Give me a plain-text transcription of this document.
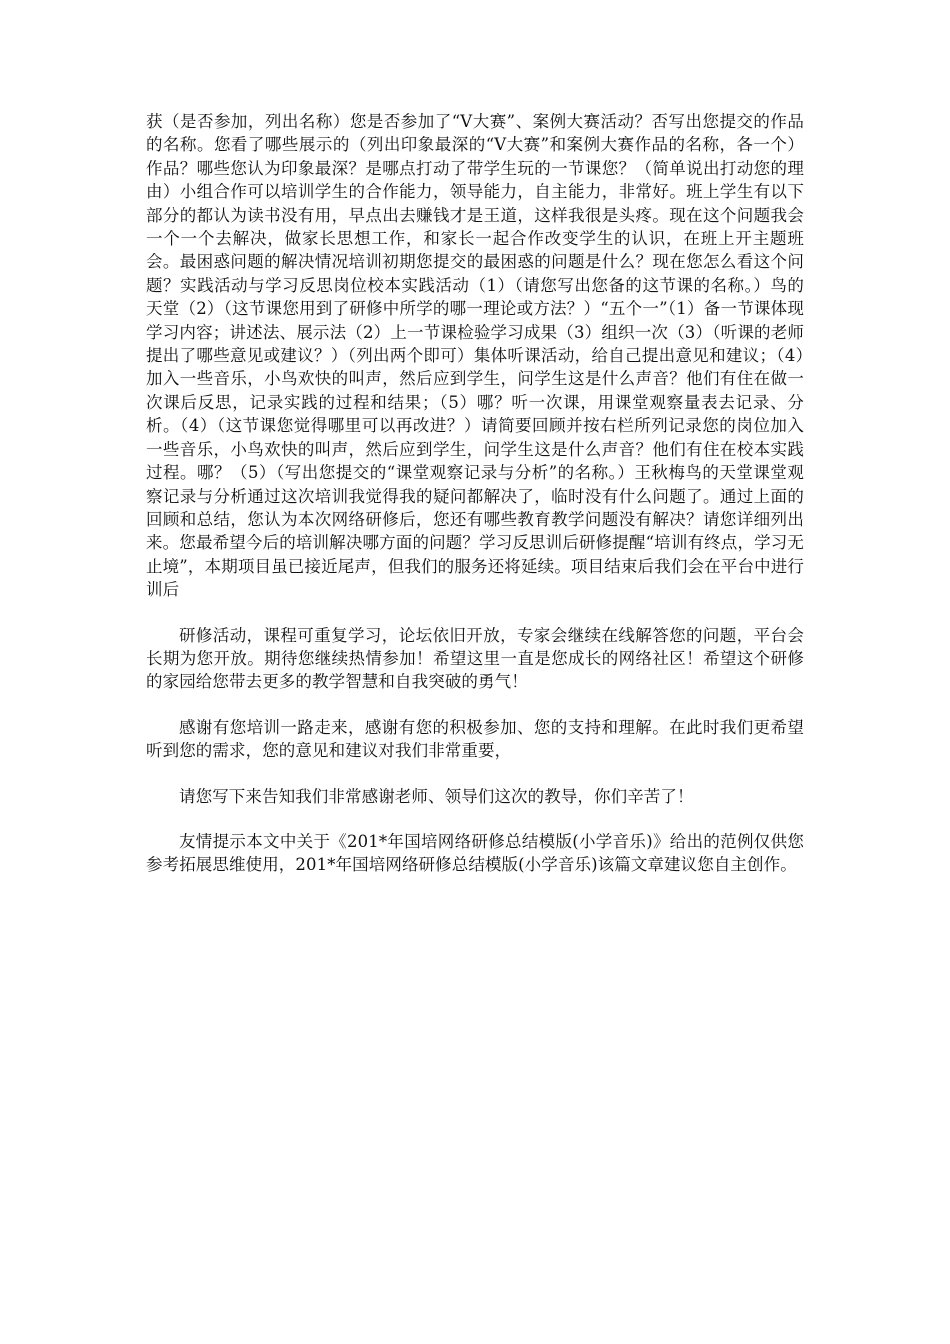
获（是否参加，列出名称）您是否参加了“V大赛”、案例大赛活动？否写出您提交的作品的名称。您看了哪些展示的（列出印象最深的“V大赛”和案例大赛作品的名称，各一个）作品？哪些您认为印象最深？是哪点打动了带学生玩的一节课您？（简单说出打动您的理由）小组合作可以培训学生的合作能力，领导能力，自主能力，非常好。班上学生有以下部分的都认为读书没有用，早点出去赚钱才是王道，这样我很是头疼。现在这个问题我会一个一个去解决，做家长思想工作，和家长一起合作改变学生的认识，在班上开主题班会。最困惑问题的解决情况培训初期您提交的最困惑的问题是什么？现在您怎么看这个问题？实践活动与学习反思岗位校本实践活动（1）（请您写出您备的这节课的名称。）鸟的天堂（2）（这节课您用到了研修中所学的哪一理论或方法？）“五个一”（1）备一节课体现学习内容；讲述法、展示法（2）上一节课检验学习成果（3）组织一次（3）（听课的老师提出了哪些意见或建议？）（列出两个即可）集体听课活动，给自己提出意见和建议；（4）加入一些音乐，小鸟欢快的叫声，然后应到学生，问学生这是什么声音？他们有住在做一次课后反思，记录实践的过程和结果；（5）哪？听一次课，用课堂观察量表去记录、分析。（4）（这节课您觉得哪里可以再改进？）请简要回顾并按右栏所列记录您的岗位加入一些音乐，小鸟欢快的叫声，然后应到学生，问学生这是什么声音？他们有住在校本实践过程。哪？（5）（写出您提交的“课堂观察记录与分析”的名称。）王秋梅鸟的天堂课堂观察记录与分析通过这次培训我觉得我的疑问都解决了，临时没有什么问题了。通过上面的回顾和总结，您认为本次网络研修后，您还有哪些教育教学问题没有解决？请您详细列出来。您最希望今后的培训解决哪方面的问题？学习反思训后研修提醒“培训有终点，学习无止境”，本期项目虽已接近尾声，但我们的服务还将延续。项目结束后我们会在平台中进行训后

研修活动，课程可重复学习，论坛依旧开放，专家会继续在线解答您的问题，平台会长期为您开放。期待您继续热情参加！希望这里一直是您成长的网络社区！希望这个研修的家园给您带去更多的教学智慧和自我突破的勇气！

感谢有您培训一路走来，感谢有您的积极参加、您的支持和理解。在此时我们更希望听到您的需求，您的意见和建议对我们非常重要，

请您写下来告知我们非常感谢老师、领导们这次的教导，你们辛苦了！

友情提示本文中关于《201*年国培网络研修总结模版(小学音乐)》给出的范例仅供您参考拓展思维使用，201*年国培网络研修总结模版(小学音乐)该篇文章建议您自主创作。
